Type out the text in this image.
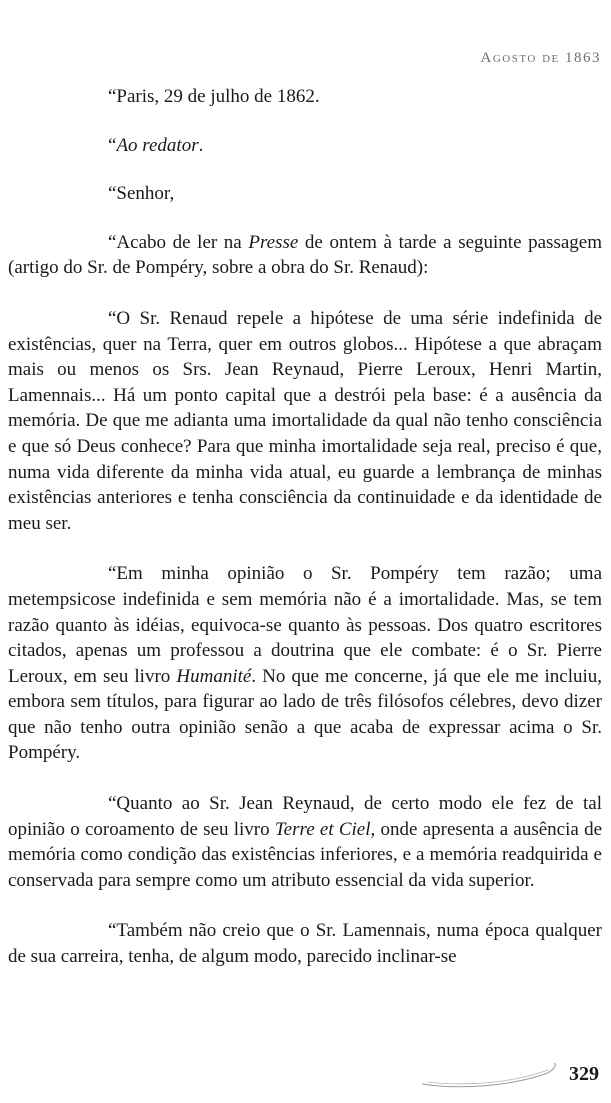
Agosto de 1863

“Paris, 29 de julho de 1862.

“Ao redator.

“Senhor,

“Acabo de ler na Presse de ontem à tarde a seguinte passagem (artigo do Sr. de Pompéry, sobre a obra do Sr. Renaud):

“O Sr. Renaud repele a hipótese de uma série indefinida de existências, quer na Terra, quer em outros globos... Hipótese a que abraçam mais ou menos os Srs. Jean Reynaud, Pierre Leroux, Henri Martin, Lamennais... Há um ponto capital que a destrói pela base: é a ausência da memória. De que me adianta uma imortalidade da qual não tenho consciência e que só Deus conhece? Para que minha imortalidade seja real, preciso é que, numa vida diferente da minha vida atual, eu guarde a lembrança de minhas existências anteriores e tenha consciência da continuidade e da identidade de meu ser.

“Em minha opinião o Sr. Pompéry tem razão; uma metempsicose indefinida e sem memória não é a imortalidade. Mas, se tem razão quanto às idéias, equivoca-se quanto às pessoas. Dos quatro escritores citados, apenas um professou a doutrina que ele combate: é o Sr. Pierre Leroux, em seu livro Humanité. No que me concerne, já que ele me incluiu, embora sem títulos, para figurar ao lado de três filósofos célebres, devo dizer que não tenho outra opinião senão a que acaba de expressar acima o Sr. Pompéry.

“Quanto ao Sr. Jean Reynaud, de certo modo ele fez de tal opinião o coroamento de seu livro Terre et Ciel, onde apresenta a ausência de memória como condição das existências inferiores, e a memória readquirida e conservada para sempre como um atributo essencial da vida superior.

“Também não creio que o Sr. Lamennais, numa época qualquer de sua carreira, tenha, de algum modo, parecido inclinar-se

329
